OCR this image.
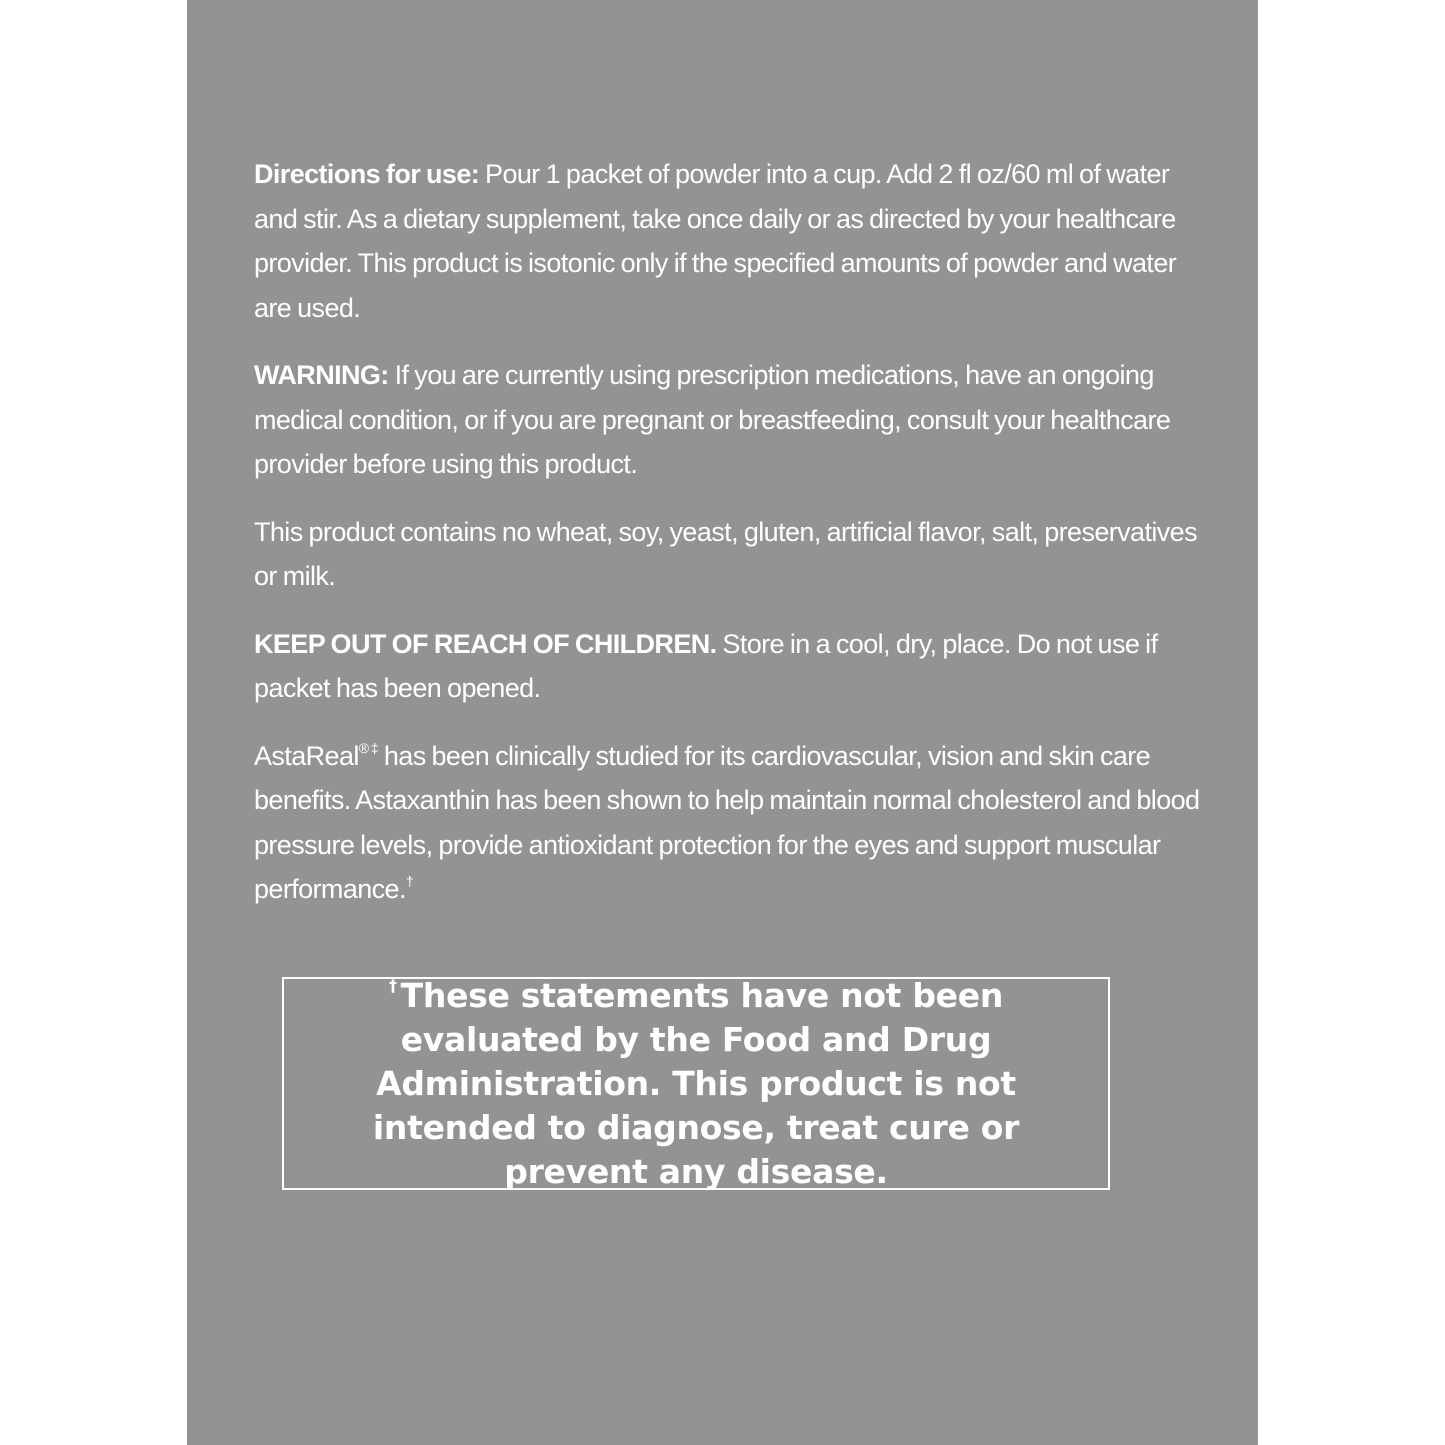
Directions for use: Pour 1 packet of powder into a cup. Add 2 fl oz/60 ml of water and stir. As a dietary supplement, take once daily or as directed by your healthcare provider. This product is isotonic only if the specified amounts of powder and water are used.

WARNING: If you are currently using prescription medications, have an ongoing medical condition, or if you are pregnant or breastfeeding, consult your healthcare provider before using this product.

This product contains no wheat, soy, yeast, gluten, artificial flavor, salt, preservatives or milk.

KEEP OUT OF REACH OF CHILDREN. Store in a cool, dry, place. Do not use if packet has been opened.

AstaReal® ‡ has been clinically studied for its cardiovascular, vision and skin care benefits. Astaxanthin has been shown to help maintain normal cholesterol and blood pressure levels, provide antioxidant protection for the eyes and support muscular performance.†

† These statements have not been evaluated by the Food and Drug Administration. This product is not intended to diagnose, treat cure or prevent any disease.
